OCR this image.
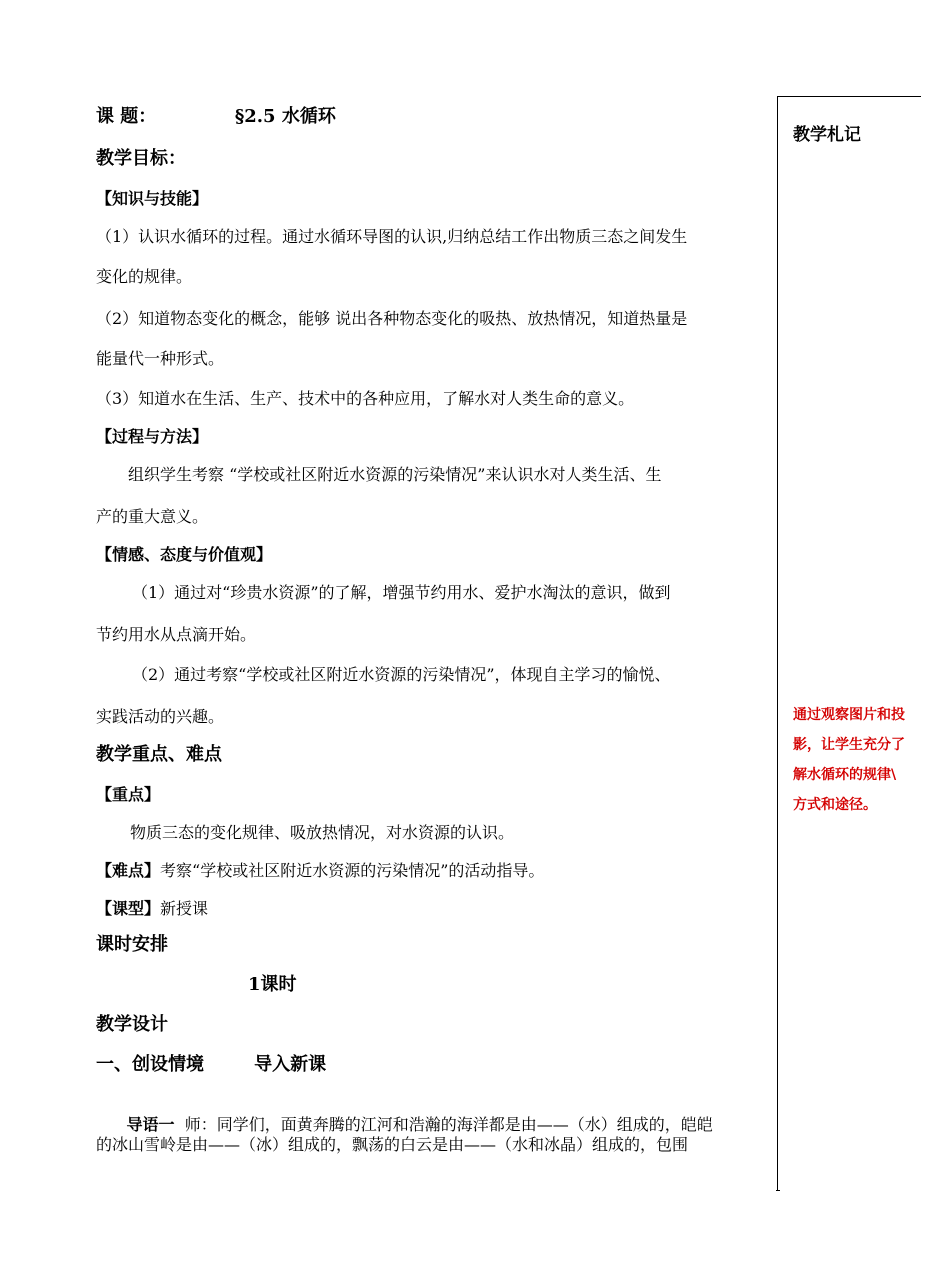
课 题：	§2.5 水循环
教学目标：
【知识与技能】
（1）认识水循环的过程。通过水循环导图的认识,归纳总结工作出物质三态之间发生
变化的规律。
（2）知道物态变化的概念，能够 说出各种物态变化的吸热、放热情况，知道热量是
能量代一种形式。
（3）知道水在生活、生产、技术中的各种应用，了解水对人类生命的意义。
【过程与方法】
组织学生考察 “学校或社区附近水资源的污染情况”来认识水对人类生活、生
产的重大意义。
【情感、态度与价值观】
（1）通过对“珍贵水资源”的了解，增强节约用水、爱护水淘汰的意识，做到
节约用水从点滴开始。
（2）通过考察“学校或社区附近水资源的污染情况”，体现自主学习的愉悦、
实践活动的兴趣。
教学重点、难点
【重点】
物质三态的变化规律、吸放热情况，对水资源的认识。
【难点】考察“学校或社区附近水资源的污染情况”的活动指导。
【课型】新授课
课时安排
1课时
教学设计
一、创设情境        导入新课

导语一  师：同学们，面黄奔腾的江河和浩瀚的海洋都是由——（水）组成的，皑皑

的冰山雪岭是由——（冰）组成的，飘荡的白云是由——（水和冰晶）组成的，包围
教学札记
通过观察图片和投
影，让学生充分了
解水循环的规律\
方式和途径。
